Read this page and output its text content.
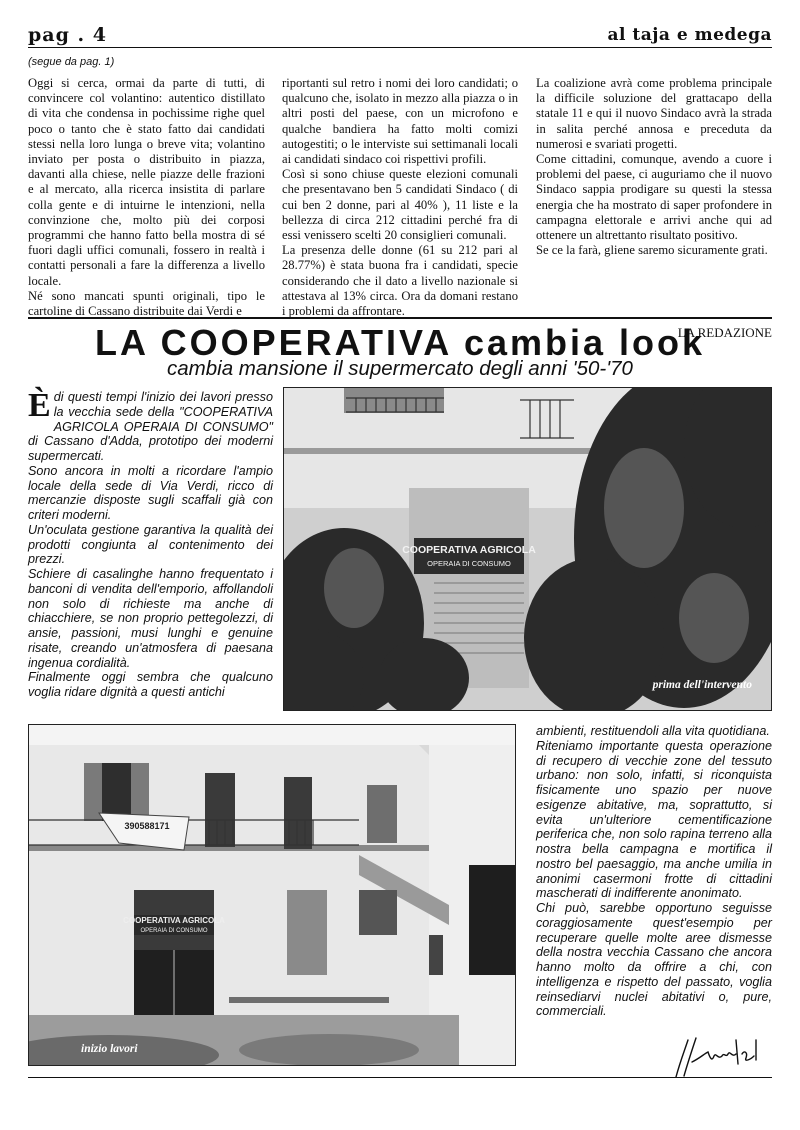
pag . 4	al taja e medega
(segue da pag. 1)

Oggi si cerca, ormai da parte di tutti, di convincere col volantino: autentico distillato di vita che condensa in pochissime righe quel poco o tanto che è stato fatto dai candidati stessi nella loro lunga o breve vita; volantino inviato per posta o distribuito in piazza, davanti alla chiese, nelle piazze delle frazioni e al mercato, alla ricerca insistita di parlare colla gente e di intuirne le intenzioni, nella convinzione che, molto più dei corposi programmi che hanno fatto bella mostra di sé fuori dagli uffici comunali, fossero in realtà i contatti personali a fare la differenza a livello locale.

Né sono mancati spunti originali, tipo le cartoline di Cassano distribuite dai Verdi e

riportanti sul retro i nomi dei loro candidati; o qualcuno che, isolato in mezzo alla piazza o in altri posti del paese, con un microfono e qualche bandiera ha fatto molti comizi autogestiti; o le interviste sui settimanali locali ai candidati sindaco coi rispettivi profili.

Così si sono chiuse queste elezioni comunali che presentavano ben 5 candidati Sindaco ( di cui ben 2 donne, pari al 40% ), 11 liste e la bellezza di circa 212 cittadini perché fra di essi venissero scelti 20 consiglieri comunali.

La presenza delle donne (61 su 212 pari al 28.77%) è stata buona fra i candidati, specie considerando che il dato a livello nazionale si attestava al 13% circa. Ora da domani restano i problemi da affrontare.

La coalizione avrà come problema principale la difficile soluzione del grattacapo della statale 11 e qui il nuovo Sindaco avrà la strada in salita perché annosa e preceduta da numerosi e svariati progetti.

Come cittadini, comunque, avendo a cuore i problemi del paese, ci auguriamo che il nuovo Sindaco sappia prodigare su questi la stessa energia che ha mostrato di saper profondere in campagna elettorale e arrivi anche qui ad ottenere un altrettanto risultato positivo.

Se ce la farà, gliene saremo sicuramente grati.

LA REDAZIONE
LA COOPERATIVA cambia look
cambia mansione il supermercato degli anni '50-'70

Èdi questi tempi l'inizio dei lavori presso la vecchia sede della "COOPERATIVA AGRICOLA OPERAIA DI CONSUMO" di Cassano d'Adda, prototipo dei moderni supermercati.

Sono ancora in molti a ricordare l'ampio locale della sede di Via Verdi, ricco di mercanzie disposte sugli scaffali già con criteri moderni.

Un'oculata gestione garantiva la qualità dei prodotti congiunta al contenimento dei prezzi.

Schiere di casalinghe hanno frequentato i banconi di vendita dell'emporio, affollandoli non solo di richieste ma anche di chiacchiere, se non proprio pettegolezzi, di ansie, passioni, musi lunghi e genuine risate, creando un'atmosfera di paesana ingenua cordialità.

Finalmente oggi sembra che qualcuno voglia ridare dignità a questi antichi

COOPERATIVA AGRICOLA
OPERAIA DI CONSUMO
prima dell'intervento
390588171
COOPERATIVA AGRICOLA
OPERAIA DI CONSUMO
inizio lavori

ambienti, restituendoli alla vita quotidiana.

Riteniamo importante questa operazione di recupero di vecchie zone del tessuto urbano: non solo, infatti, si riconquista fisicamente uno spazio per nuove esigenze abitative, ma, soprattutto, si evita un'ulteriore cementificazione periferica che, non solo rapina terreno alla nostra bella campagna e mortifica il nostro bel paesaggio, ma anche umilia in anonimi casermoni frotte di cittadini mascherati di indifferente anonimato.

Chi può, sarebbe opportuno seguisse coraggiosamente quest'esempio per recuperare quelle molte aree dismesse della nostra vecchia Cassano che ancora hanno molto da offrire a chi, con intelligenza e rispetto del passato, voglia reinsediarvi nuclei abitativi o, pure, commerciali.
